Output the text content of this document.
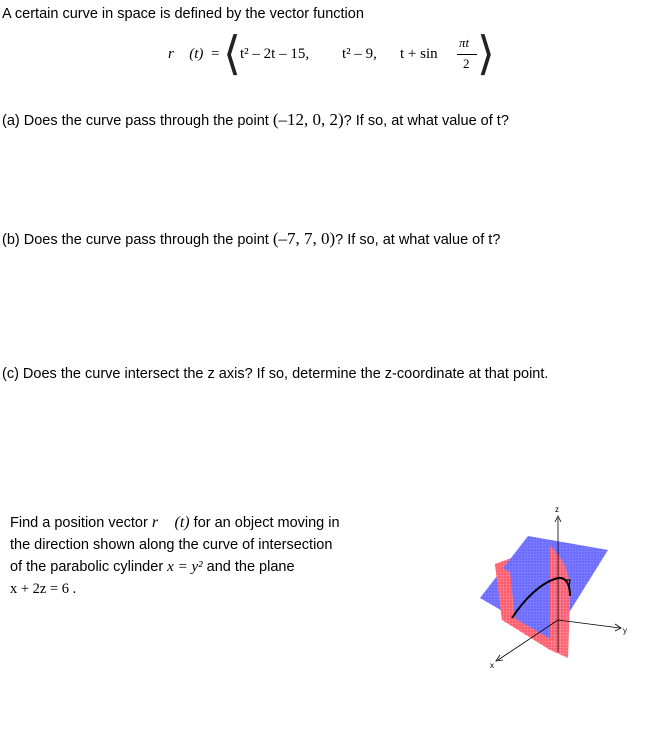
A certain curve in space is defined by the vector function
r⃗ (t) = ⟨ t² – 2t – 15, t² – 9, t + sin
πt
2 ⟩
(a) Does the curve pass through the point (–12, 0, 2)? If so, at what value of t?
(b) Does the curve pass through the point (–7, 7, 0)? If so, at what value of t?
(c) Does the curve intersect the z axis? If so, determine the z-coordinate at that point.
Find a position vector r⃗ (t) for an object moving in
the direction shown along the curve of intersection
of the parabolic cylinder x = y² and the plane
x + 2z = 6 .
z
y
x
